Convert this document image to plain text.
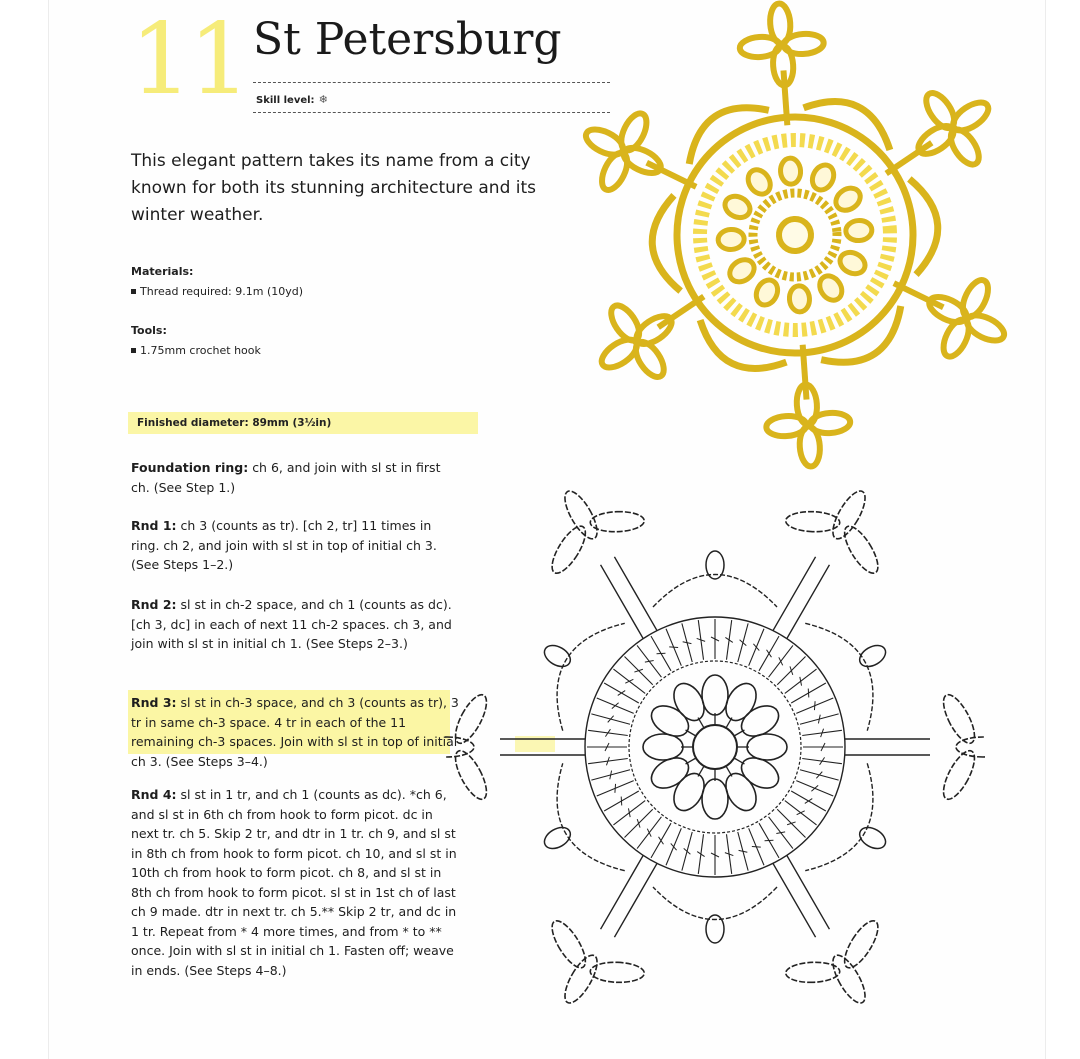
11 St Petersburg
Skill level: ❄
This elegant pattern takes its name from a city known for both its stunning architecture and its winter weather.
Materials:
Thread required: 9.1m (10yd)
Tools:
1.75mm crochet hook
Finished diameter: 89mm (3½in)
Foundation ring: ch 6, and join with sl st in first ch. (See Step 1.)
Rnd 1: ch 3 (counts as tr). [ch 2, tr] 11 times in ring. ch 2, and join with sl st in top of initial ch 3. (See Steps 1–2.)
Rnd 2: sl st in ch-2 space, and ch 1 (counts as dc). [ch 3, dc] in each of next 11 ch-2 spaces. ch 3, and join with sl st in initial ch 1. (See Steps 2–3.)
Rnd 3: sl st in ch-3 space, and ch 3 (counts as tr), 3 tr in same ch-3 space. 4 tr in each of the 11 remaining ch-3 spaces. Join with sl st in top of initial ch 3. (See Steps 3–4.)
Rnd 4: sl st in 1 tr, and ch 1 (counts as dc). *ch 6, and sl st in 6th ch from hook to form picot. dc in next tr. ch 5. Skip 2 tr, and dtr in 1 tr. ch 9, and sl st in 8th ch from hook to form picot. ch 10, and sl st in 10th ch from hook to form picot. ch 8, and sl st in 8th ch from hook to form picot. sl st in 1st ch of last ch 9 made. dtr in next tr. ch 5.** Skip 2 tr, and dc in 1 tr. Repeat from * 4 more times, and from * to ** once. Join with sl st in initial ch 1. Fasten off; weave in ends. (See Steps 4–8.)
